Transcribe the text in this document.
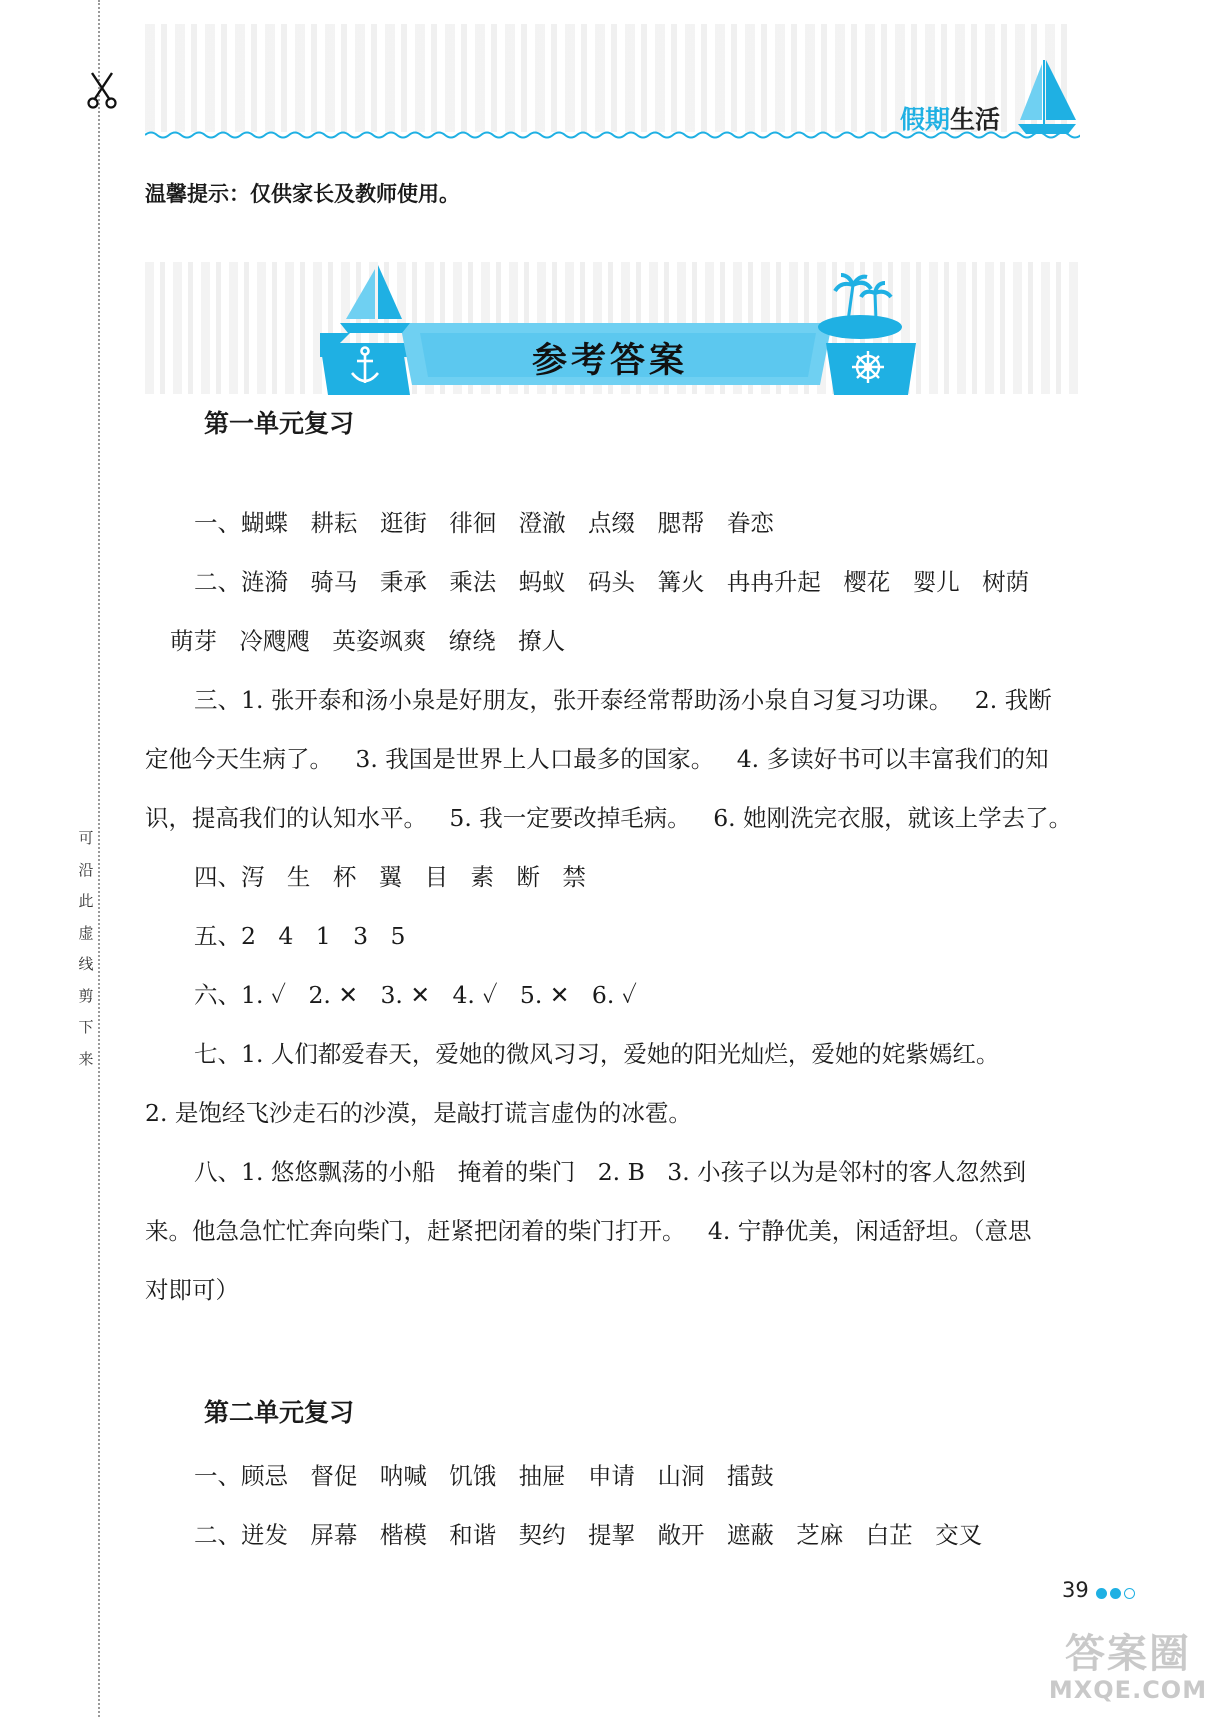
可
沿
此
虚
线
剪
下
来
假期生活
温馨提示：仅供家长及教师使用。
参考答案
第一单元复习
一、蝴蝶   耕耘   逛街   徘徊   澄澈   点缀   腮帮   眷恋
二、涟漪   骑马   秉承   乘法   蚂蚁   码头   篝火   冉冉升起   樱花   婴儿   树荫
萌芽   冷飕飕   英姿飒爽   缭绕   撩人
三、1. 张开泰和汤小泉是好朋友，张开泰经常帮助汤小泉自习复习功课。   2. 我断
定他今天生病了。   3. 我国是世界上人口最多的国家。   4. 多读好书可以丰富我们的知
识，提高我们的认知水平。   5. 我一定要改掉毛病。   6. 她刚洗完衣服，就该上学去了。
四、泻   生   杯   翼   目   素   断   禁
五、2   4   1   3   5
六、1. ✓   2. ✕   3. ✕   4. ✓   5. ✕   6. ✓
七、1. 人们都爱春天，爱她的微风习习，爱她的阳光灿烂，爱她的姹紫嫣红。
2. 是饱经飞沙走石的沙漠，是敲打谎言虚伪的冰雹。
八、1. 悠悠飘荡的小船   掩着的柴门   2. B   3. 小孩子以为是邻村的客人忽然到
来。他急急忙忙奔向柴门，赶紧把闭着的柴门打开。   4. 宁静优美，闲适舒坦。（意思
对即可）
第二单元复习
一、顾忌   督促   呐喊   饥饿   抽屉   申请   山洞   擂鼓
二、迸发   屏幕   楷模   和谐   契约   提挈   敞开   遮蔽   芝麻   白芷   交叉
39
答案圈
MXQE.COM
